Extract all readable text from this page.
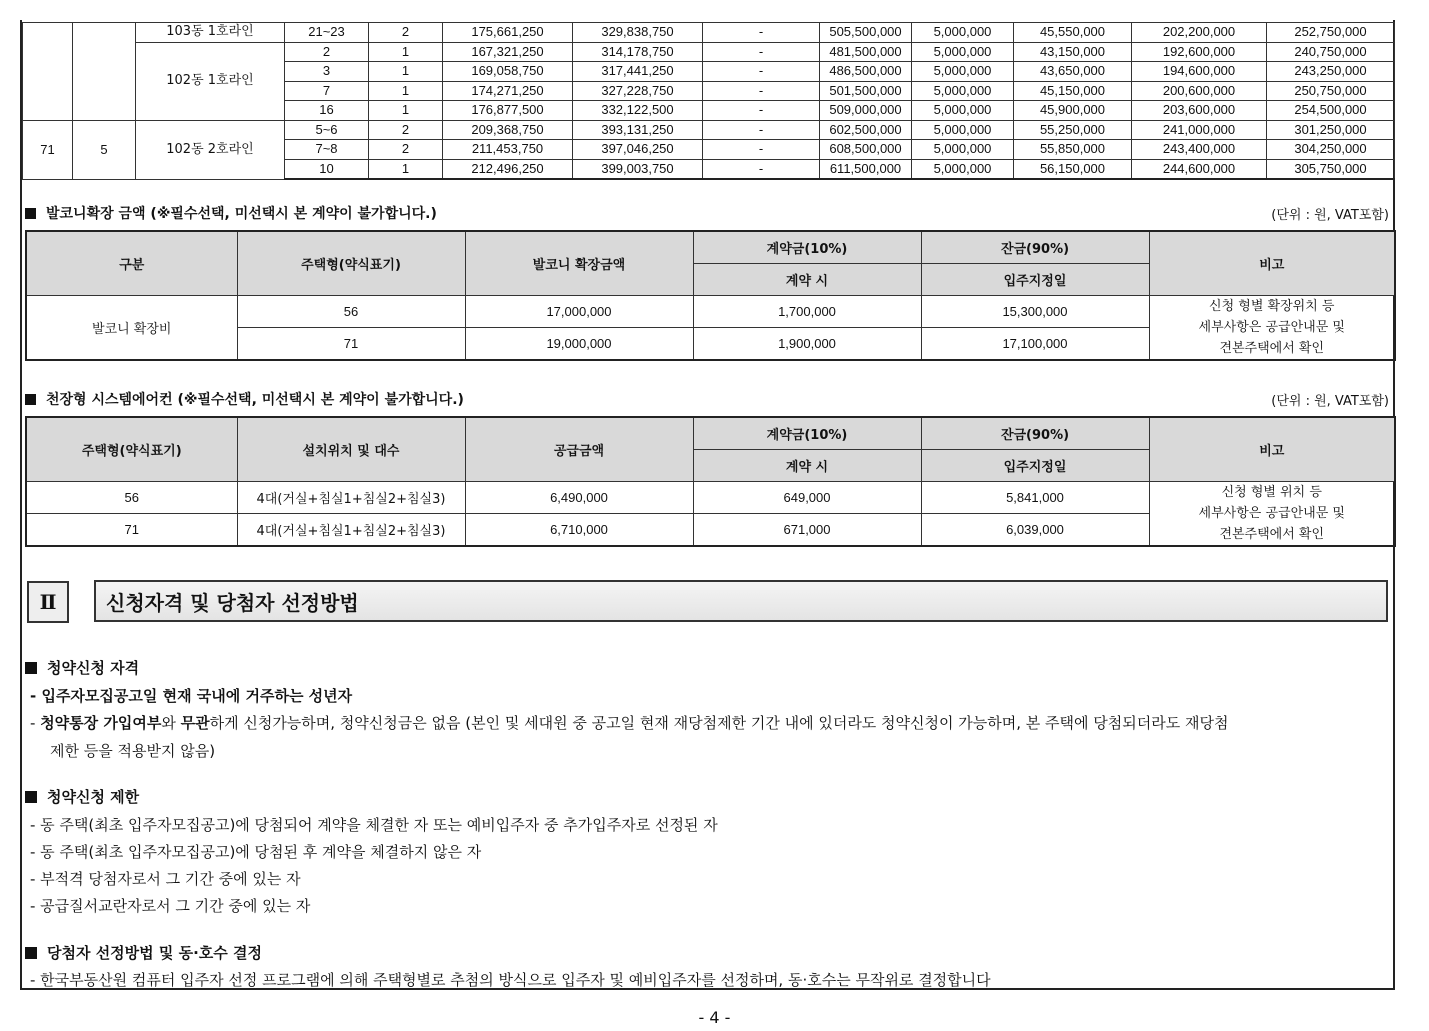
		103동 1호라인	21~23	2	175,661,250	329,838,750	-	505,500,000	5,000,000	45,550,000	202,200,000	252,750,000
		102동 1호라인	2	1	167,321,250	314,178,750	-	481,500,000	5,000,000	43,150,000	192,600,000	240,750,000
			3	1	169,058,750	317,441,250	-	486,500,000	5,000,000	43,650,000	194,600,000	243,250,000
			7	1	174,271,250	327,228,750	-	501,500,000	5,000,000	45,150,000	200,600,000	250,750,000
			16	1	176,877,500	332,122,500	-	509,000,000	5,000,000	45,900,000	203,600,000	254,500,000
71	5	102동 2호라인	5~6	2	209,368,750	393,131,250	-	602,500,000	5,000,000	55,250,000	241,000,000	301,250,000
			7~8	2	211,453,750	397,046,250	-	608,500,000	5,000,000	55,850,000	243,400,000	304,250,000
			10	1	212,496,250	399,003,750	-	611,500,000	5,000,000	56,150,000	244,600,000	305,750,000
발코니확장 금액 (※필수선택, 미선택시 본 계약이 불가합니다.)	(단위 : 원, VAT포함)
구분	주택형(약식표기)	발코니 확장금액	계약금(10%)	잔금(90%)	비고
			계약 시	입주지정일	
발코니 확장비	56	17,000,000	1,700,000	15,300,000	신청 형별 확장위치 등
세부사항은 공급안내문 및
견본주택에서 확인

	71	19,000,000	1,900,000	17,100,000	
천장형 시스템에어컨 (※필수선택, 미선택시 본 계약이 불가합니다.)	(단위 : 원, VAT포함)
주택형(약식표기)	설치위치 및 대수	공급금액	계약금(10%)	잔금(90%)	비고
			계약 시	입주지정일	
56	4대(거실+침실1+침실2+침실3)	6,490,000	649,000	5,841,000	신청 형별 위치 등
세부사항은 공급안내문 및
견본주택에서 확인

71	4대(거실+침실1+침실2+침실3)	6,710,000	671,000	6,039,000	
Ⅱ	신청자격 및 당첨자 선정방법
청약신청 자격
- 입주자모집공고일 현재 국내에 거주하는 성년자
- 청약통장 가입여부와 무관하게 신청가능하며, 청약신청금은 없음 (본인 및 세대원 중 공고일 현재 재당첨제한 기간 내에 있더라도 청약신청이 가능하며, 본 주택에 당첨되더라도 재당첨
제한 등을 적용받지 않음)
청약신청 제한
- 동 주택(최초 입주자모집공고)에 당첨되어 계약을 체결한 자 또는 예비입주자 중 추가입주자로 선정된 자
- 동 주택(최초 입주자모집공고)에 당첨된 후 계약을 체결하지 않은 자
- 부적격 당첨자로서 그 기간 중에 있는 자
- 공급질서교란자로서 그 기간 중에 있는 자
당첨자 선정방법 및 동·호수 결정
- 한국부동산원 컴퓨터 입주자 선정 프로그램에 의해 주택형별로 추첨의 방식으로 입주자 및 예비입주자를 선정하며, 동·호수는 무작위로 결정합니다
- 4 -
